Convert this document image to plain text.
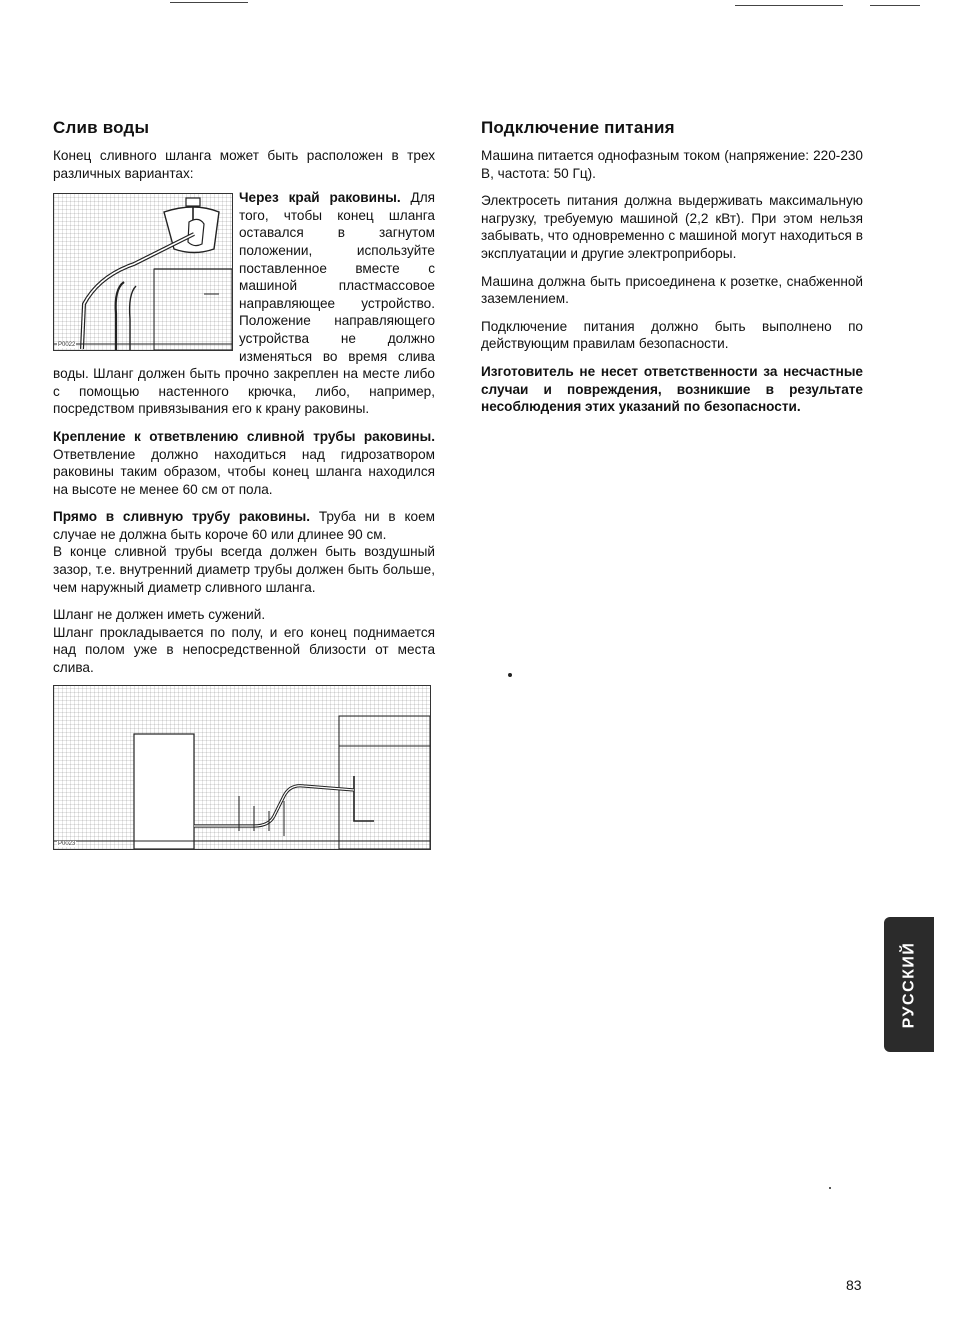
Слив воды

Конец сливного шланга может быть расположен в трех различных вариантах:

P0022

Через край раковины. Для того, чтобы конец шланга оставался в загнутом положении, используйте поставленное вместе с машиной пластмассовое направляющее устройство. Положение направляющего устройства не должно изменяться во время слива воды. Шланг должен быть прочно закреплен на месте либо с помощью настенного крючка, либо, например, посредством привязывания его к крану раковины.

Крепление к ответвлению сливной трубы раковины. Ответвление должно находиться над гидрозатвором раковины таким образом, чтобы конец шланга находился на высоте не менее 60 см от пола.

Прямо в сливную трубу раковины. Труба ни в коем случае не должна быть короче 60 или длинее 90 см.

В конце сливной трубы всегда должен быть воздушный зазор, т.е. внутренний диаметр трубы должен быть больше, чем наружный диаметр сливного шланга.

Шланг не должен иметь сужений.

Шланг прокладывается по полу, и его конец поднимается над полом уже в непосредственной близости от места слива.

P0023
Подключение питания

Машина питается однофазным током (напряжение: 220-230 В, частота: 50 Гц).

Электросеть питания должна выдерживать максимальную нагрузку, требуемую машиной (2,2 кВт). При этом нельзя забывать, что одновременно с машиной могут находиться в эксплуатации и другие электроприборы.

Машина должна быть присоединена к розетке, снабженной заземлением.

Подключение питания должно быть выполнено по действующим правилам безопасности.

Изготовитель не несет ответственности за несчастные случаи и повреждения, возникшие в результате несоблюдения этих указаний по безопасности.

РУССКИЙ
83
